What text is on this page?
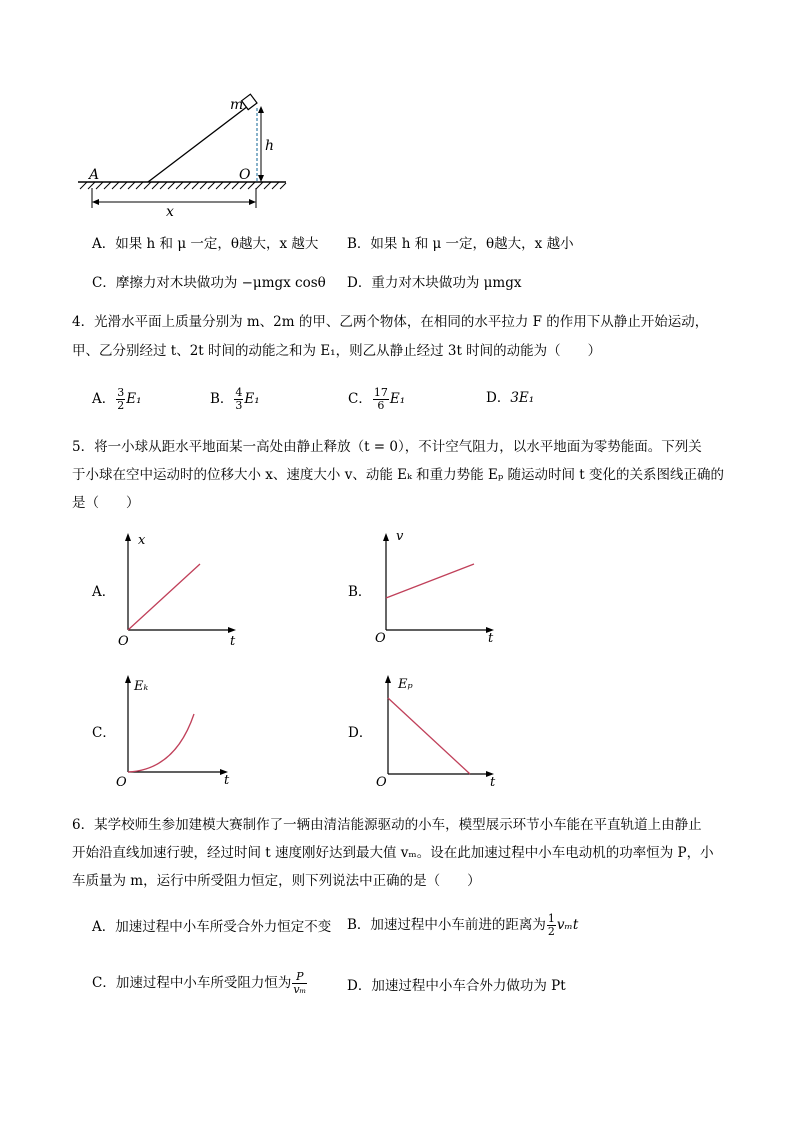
m
h
A	O
x
A．如果 h 和 μ 一定，θ越大，x 越大 B．如果 h 和 μ 一定，θ越大，x 越小
C．摩擦力对木块做功为 −μmgx cosθ D．重力对木块做功为 μmgx
4．光滑水平面上质量分别为 m、2m 的甲、乙两个物体，在相同的水平拉力 F 的作用下从静止开始运动，
甲、乙分别经过 t、2t 时间的动能之和为 E₁，则乙从静止经过 3t 时间的动能为（　　）
A． $\frac{3}{2} E_1$	B． $\frac{4}{3} E_1$	C． $\frac{17}{6} E_1$	D．3E₁
5．将一小球从距水平地面某一高处由静止释放（t = 0），不计空气阻力，以水平地面为零势能面。下列关
于小球在空中运动时的位移大小 x、速度大小 v、动能 Eₖ 和重力势能 Eₚ 随运动时间 t 变化的关系图线正确的
是（　　）
A．
x
t
O
B．
v
t
O
C．
Eₖ
t
O
D．
Eₚ
t
O
6．某学校师生参加建模大赛制作了一辆由清洁能源驱动的小车，模型展示环节小车能在平直轨道上由静止
开始沿直线加速行驶，经过时间 t 速度刚好达到最大值 vₘ。设在此加速过程中小车电动机的功率恒为 P，小
车质量为 m，运行中所受阻力恒定，则下列说法中正确的是（　　）
A．加速过程中小车所受合外力恒定不变 B．加速过程中小车前进的距离为 $\frac{1}{2}$ vₘt
C．加速过程中小车所受阻力恒为 $\frac{P}{\text{vₘ}}$	D．加速过程中小车合外力做功为 Pt
